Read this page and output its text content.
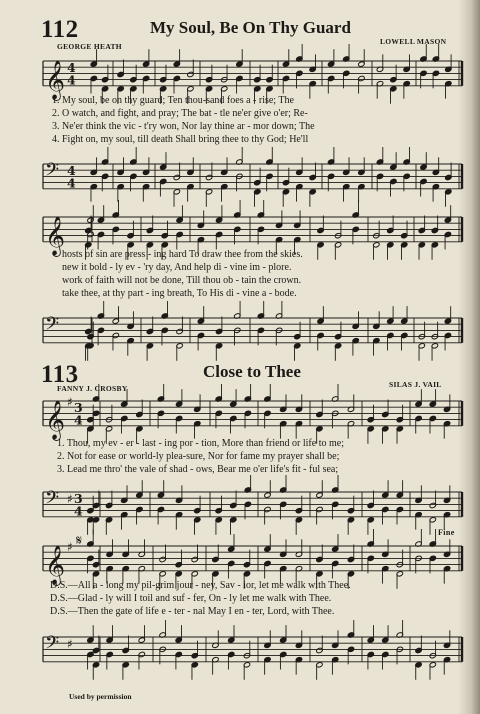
112	My Soul, Be On Thy Guard
GEORGE HEATH
LOWELL MASON
𝄞 4
4
1. My soul, be on thy guard; Ten thou-sand foes a - rise; The
2. O watch, and fight, and pray; The bat - tle ne'er give o'er; Re-
3. Ne'er think the vic - t'ry won, Nor lay thine ar - mor down; The
4. Fight on, my soul, till death Shall bring thee to thy God; He'll
𝄢 4
4
𝄞
hosts of sin are press - ing hard To draw thee from the skies.
new it bold - ly ev - 'ry day, And help di - vine im - plore.
work of faith will not be done, Till thou ob - tain the crown.
take thee, at thy part - ing breath, To His di - vine a - bode.
𝄢
113	Close to Thee
FANNY J. CROSBY	SILAS J. VAIL
𝄞 ♯ 3
4
1. Thou, my ev - er - last - ing por - tion, More than friend or life to me;
2. Not for ease or world-ly plea-sure, Nor for fame my prayer shall be;
3. Lead me thro' the vale of shad - ows, Bear me o'er life's fit - ful sea;
𝄢 ♯ 3
4
Fine
𝄞 ♯ 𝄋
D.S.—All a - long my pil-grim jour - ney, Sav - ior, let me walk with Thee.
D.S.—Glad - ly will I toil and suf - fer, On - ly let me walk with Thee.
D.S.—Then the gate of life e - ter - nal May I en - ter, Lord, with Thee.
𝄢 ♯
Used by permission
